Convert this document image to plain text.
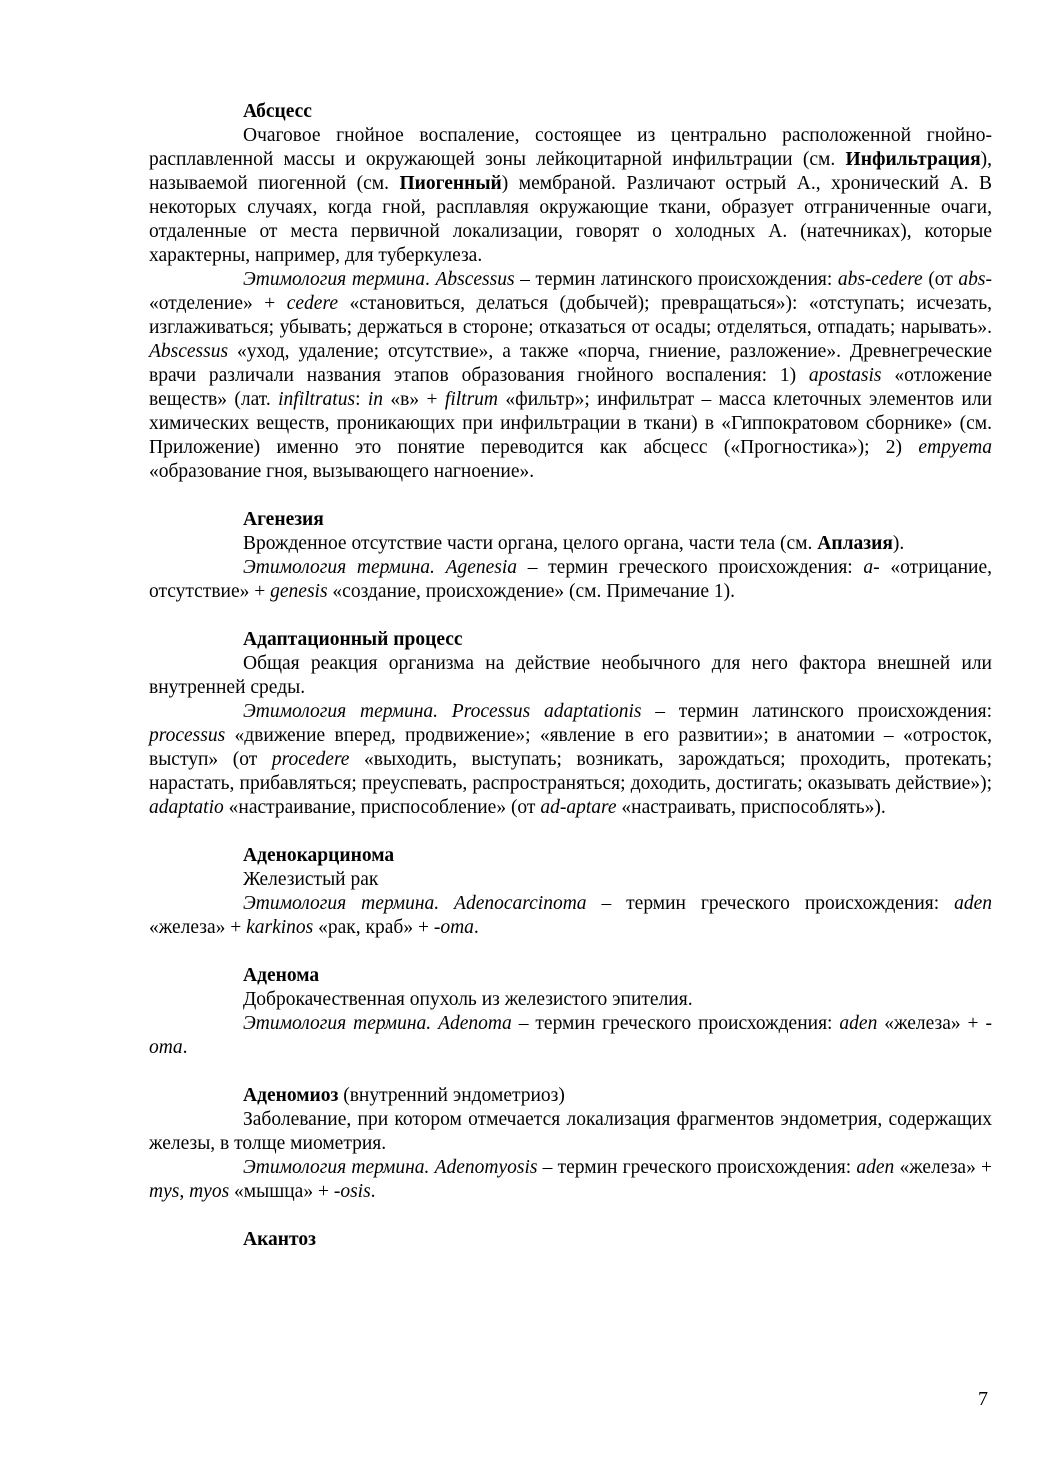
Абсцесс

Очаговое гнойное воспаление, состоящее из центрально расположенной гнойно-расплавленной массы и окружающей зоны лейкоцитарной инфильтрации (см. Инфильтрация), называемой пиогенной (см. Пиогенный) мембраной. Различают острый А., хронический А. В некоторых случаях, когда гной, расплавляя окружающие ткани, образует отграниченные очаги, отдаленные от места первичной локализации, говорят о холодных А. (натечниках), которые характерны, например, для туберкулеза.

Этимология термина. Abscessus – термин латинского происхождения: abs-cedere (от abs- «отделение» + cedere «становиться, делаться (добычей); превращаться»): «отступать; исчезать, изглаживаться; убывать; держаться в стороне; отказаться от осады; отделяться, отпадать; нарывать». Abscessus «уход, удаление; отсутствие», а также «порча, гниение, разложение». Древнегреческие врачи различали названия этапов образования гнойного воспаления: 1) apostasis «отложение веществ» (лат. infiltratus: in «в» + filtrum «фильтр»; инфильтрат – масса клеточных элементов или химических веществ, проникающих при инфильтрации в ткани) в «Гиппократовом сборнике» (см. Приложение) именно это понятие переводится как абсцесс («Прогностика»); 2) empyema «образование гноя, вызывающего нагноение».

Агенезия

Врожденное отсутствие части органа, целого органа, части тела (см. Аплазия).

Этимология термина. Agenesia – термин греческого происхождения: a- «отрицание, отсутствие» + genesis «создание, происхождение» (см. Примечание 1).

Адаптационный процесс

Общая реакция организма на действие необычного для него фактора внешней или внутренней среды.

Этимология термина. Processus adaptationis – термин латинского происхождения: processus «движение вперед, продвижение»; «явление в его развитии»; в анатомии – «отросток, выступ» (от procedere «выходить, выступать; возникать, зарождаться; проходить, протекать; нарастать, прибавляться; преуспевать, распространяться; доходить, достигать; оказывать действие»); adaptatio «настраивание, приспособление» (от ad-aptare «настраивать, приспособлять»).

Аденокарцинома

Железистый рак

Этимология термина. Adenocarcinoma – термин греческого происхождения: aden «железа» + karkinos «рак, краб» + -oma.

Аденома

Доброкачественная опухоль из железистого эпителия.

Этимология термина. Adenoma – термин греческого происхождения: aden «железа» + -oma.

Аденомиоз (внутренний эндометриоз)

Заболевание, при котором отмечается локализация фрагментов эндометрия, содержащих железы, в толще миометрия.

Этимология термина. Adenomyosis – термин греческого происхождения: aden «железа» + mys, myos «мышца» + -osis.

Акантоз
7
